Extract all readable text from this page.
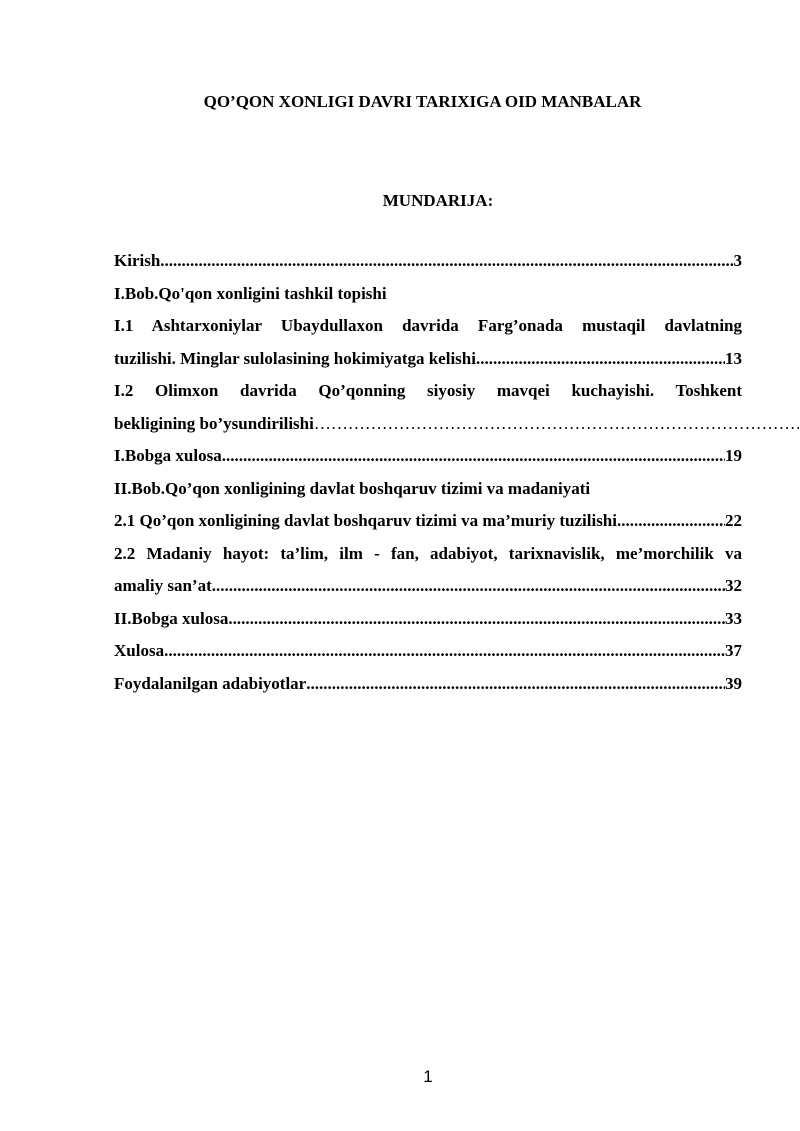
QO’QON XONLIGI DAVRI TARIXIGA OID MANBALAR
MUNDARIJA:
Kirish .....	3
I.Bob.Qo'qon xonligini tashkil topishi
I.1 Ashtarxoniylar Ubaydullaxon davrida Farg’onada mustaqil davlatning
tuzilishi. Minglar sulolasining hokimiyatga kelishi .....	13
I.2 Olimxon davrida Qo’qonning siyosiy mavqei kuchayishi. Toshkent
bekligining bo’ysundirilishi
……………………………………………………………………………………………………………………
I.Bobga xulosa .....	19
II.Bob.Qo’qon xonligining davlat boshqaruv tizimi va madaniyati
2.1 Qo’qon xonligining davlat boshqaruv tizimi va ma’muriy tuzilishi .....	22
2.2 Madaniy hayot: ta’lim, ilm - fan, adabiyot, tarixnavislik, me’morchilik va
amaliy san’at .....	32
II.Bobga xulosa .....	33
Xulosa .....	37
Foydalanilgan adabiyotlar .....	39
1
